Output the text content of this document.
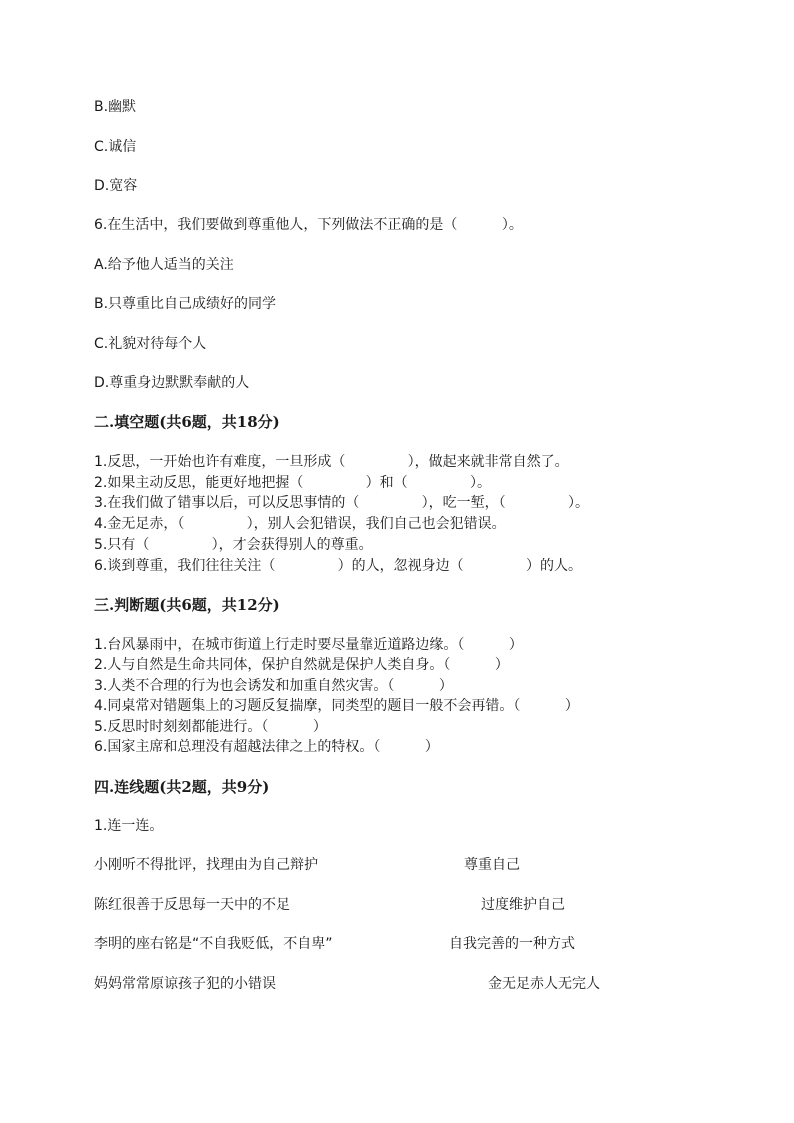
B.幽默
C.诚信
D.宽容
6.在生活中，我们要做到尊重他人，下列做法不正确的是（          ）。
A.给予他人适当的关注
B.只尊重比自己成绩好的同学
C.礼貌对待每个人
D.尊重身边默默奉献的人
二.填空题(共6题，共18分)
1.反思，一开始也许有难度，一旦形成（              ），做起来就非常自然了。
2.如果主动反思，能更好地把握（              ）和（              ）。
3.在我们做了错事以后，可以反思事情的（              ），吃一堑，（              ）。
4.金无足赤，（              ），别人会犯错误，我们自己也会犯错误。
5.只有（              ），才会获得别人的尊重。
6.谈到尊重，我们往往关注（              ）的人，忽视身边（              ）的人。
三.判断题(共6题，共12分)
1.台风暴雨中，在城市街道上行走时要尽量靠近道路边缘。（          ）
2.人与自然是生命共同体，保护自然就是保护人类自身。（          ）
3.人类不合理的行为也会诱发和加重自然灾害。（          ）
4.同桌常对错题集上的习题反复揣摩，同类型的题目一般不会再错。（          ）
5.反思时时刻刻都能进行。（          ）
6.国家主席和总理没有超越法律之上的特权。（          ）
四.连线题(共2题，共9分)
1.连一连。
小刚听不得批评，找理由为自己辩护	尊重自己
陈红很善于反思每一天中的不足	过度维护自己
李明的座右铭是“不自我贬低，不自卑”	自我完善的一种方式
妈妈常常原谅孩子犯的小错误	金无足赤人无完人
